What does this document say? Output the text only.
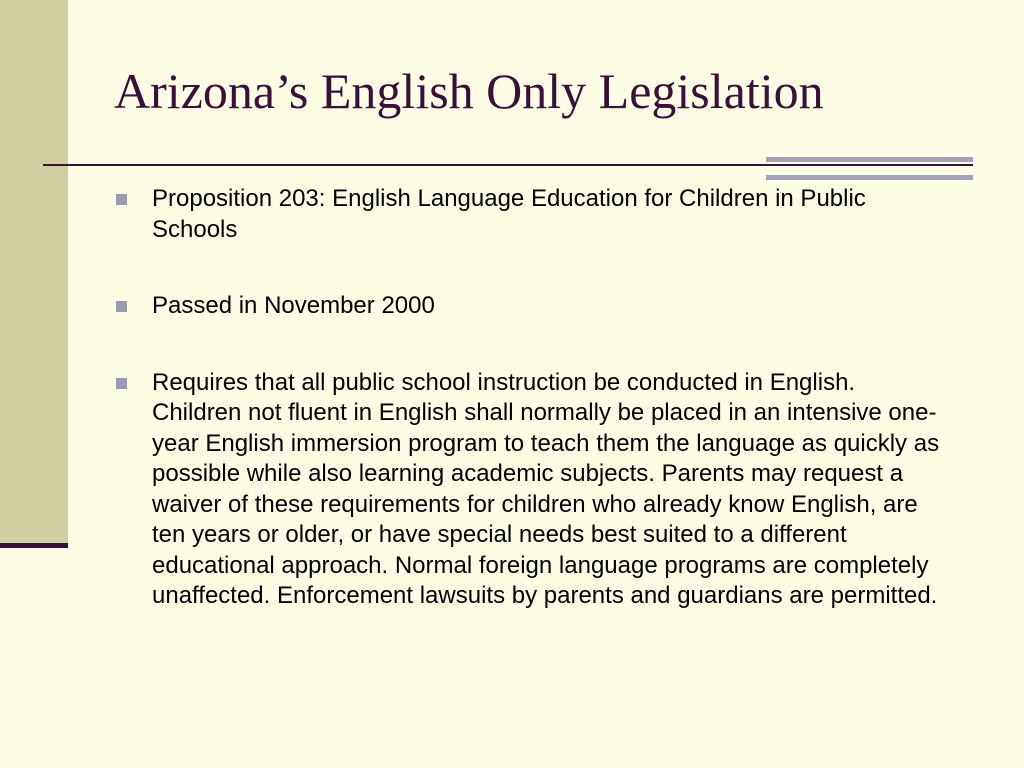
Arizona’s English Only Legislation
Proposition 203: English Language Education for Children in Public Schools
Passed in November 2000
Requires that all public school instruction be conducted in English. Children not fluent in English shall normally be placed in an intensive one-year English immersion program to teach them the language as quickly as possible while also learning academic subjects. Parents may request a waiver of these requirements for children who already know English, are ten years or older, or have special needs best suited to a different educational approach. Normal foreign language programs are completely unaffected. Enforcement lawsuits by parents and guardians are permitted.
